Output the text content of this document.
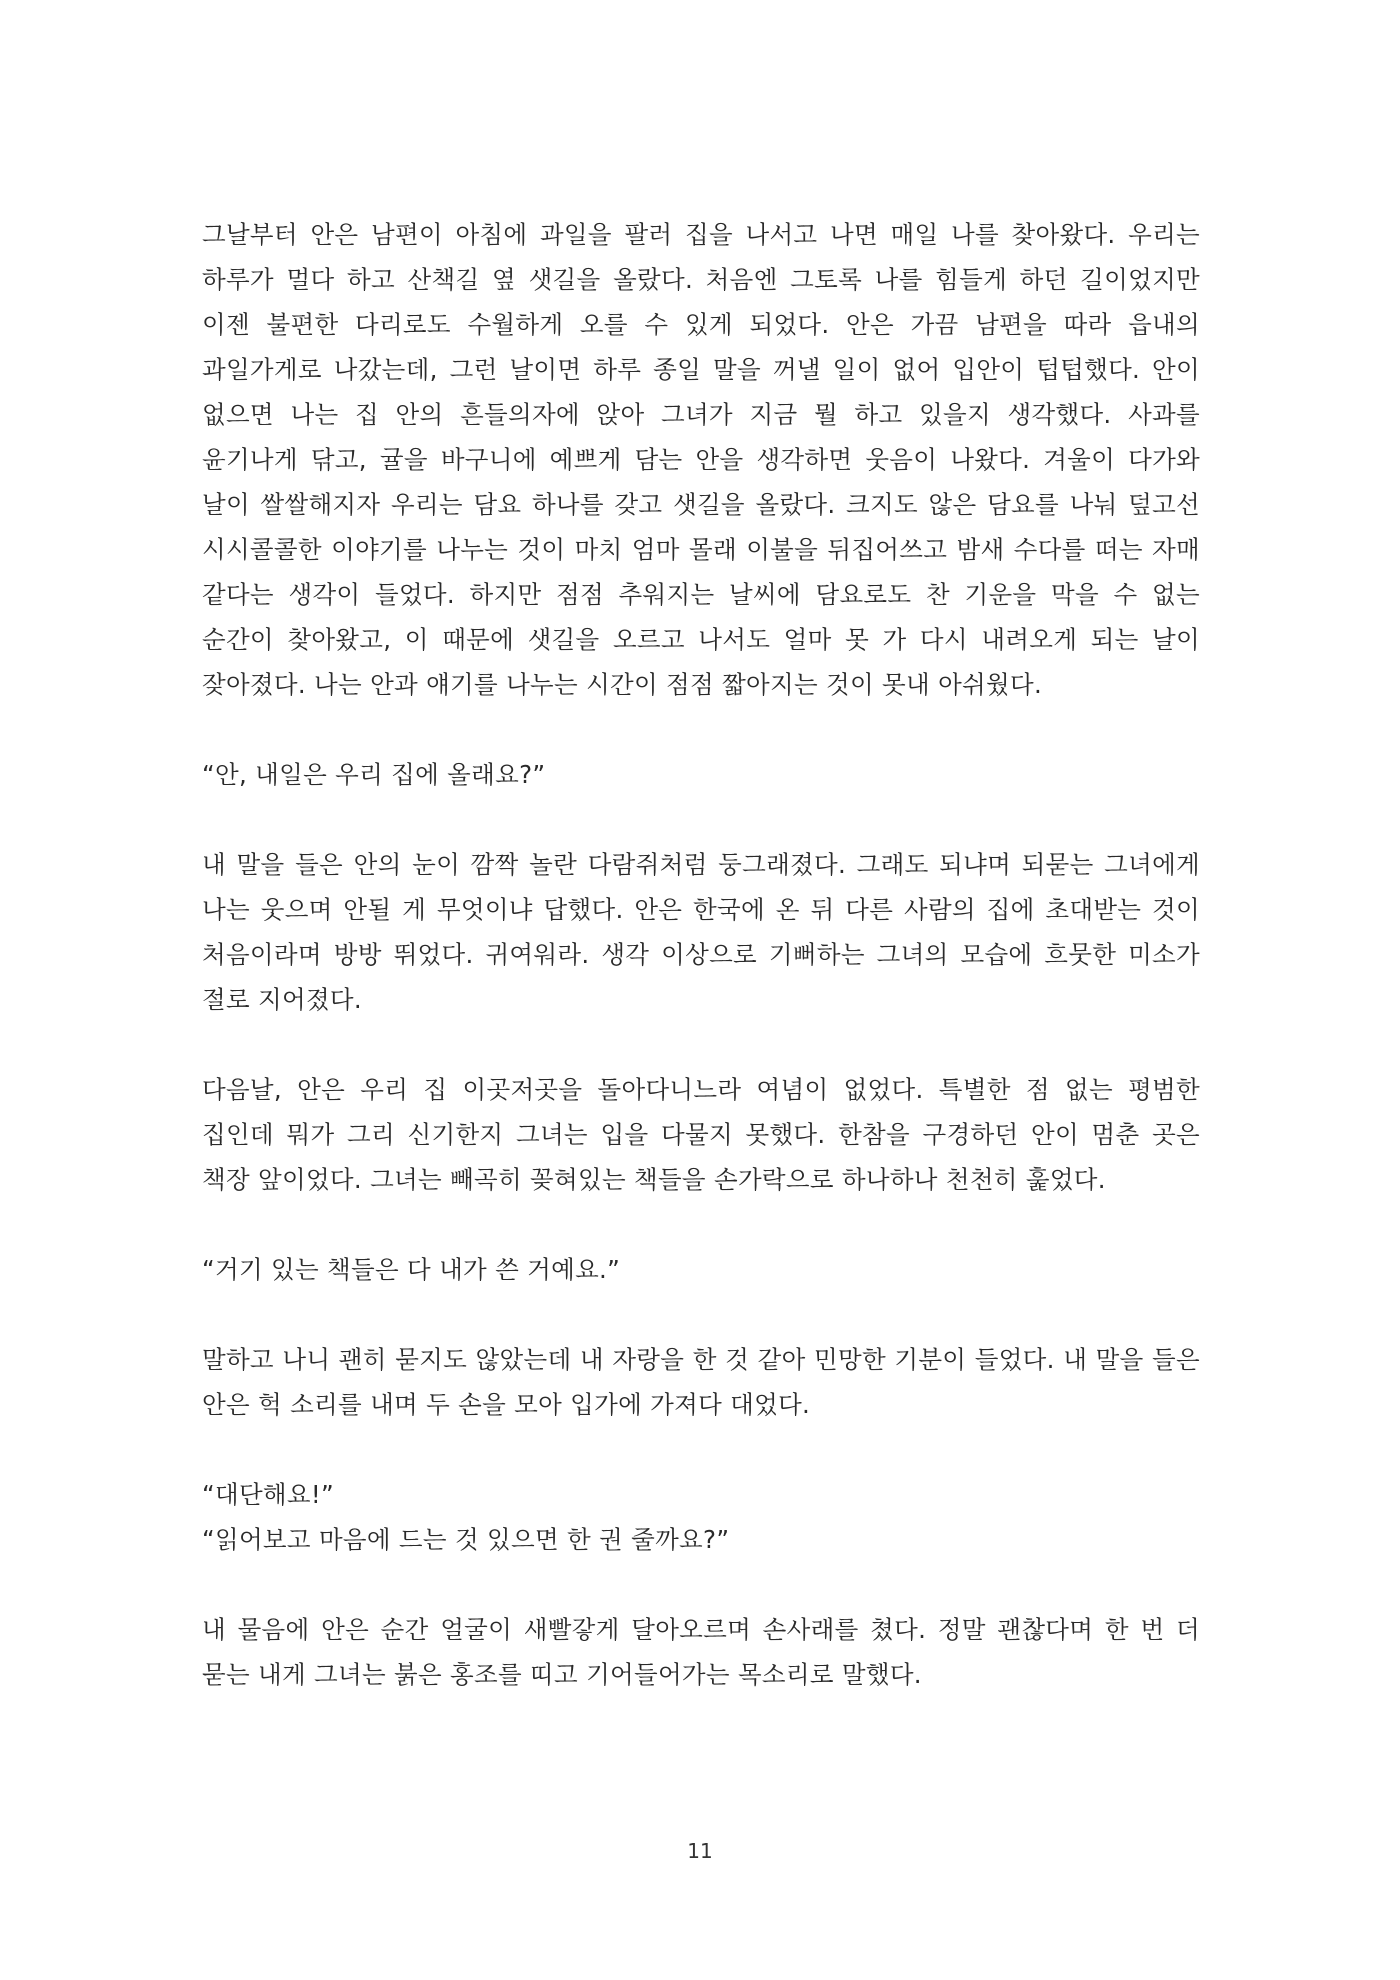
그날부터 안은 남편이 아침에 과일을 팔러 집을 나서고 나면 매일 나를 찾아왔다. 우리는 하루가 멀다 하고 산책길 옆 샛길을 올랐다. 처음엔 그토록 나를 힘들게 하던 길이었지만 이젠 불편한 다리로도 수월하게 오를 수 있게 되었다. 안은 가끔 남편을 따라 읍내의 과일가게로 나갔는데, 그런 날이면 하루 종일 말을 꺼낼 일이 없어 입안이 텁텁했다. 안이 없으면 나는 집 안의 흔들의자에 앉아 그녀가 지금 뭘 하고 있을지 생각했다. 사과를 윤기나게 닦고, 귤을 바구니에 예쁘게 담는 안을 생각하면 웃음이 나왔다. 겨울이 다가와 날이 쌀쌀해지자 우리는 담요 하나를 갖고 샛길을 올랐다. 크지도 않은 담요를 나눠 덮고선 시시콜콜한 이야기를 나누는 것이 마치 엄마 몰래 이불을 뒤집어쓰고 밤새 수다를 떠는 자매 같다는 생각이 들었다. 하지만 점점 추워지는 날씨에 담요로도 찬 기운을 막을 수 없는 순간이 찾아왔고, 이 때문에 샛길을 오르고 나서도 얼마 못 가 다시 내려오게 되는 날이 잦아졌다. 나는 안과 얘기를 나누는 시간이 점점 짧아지는 것이 못내 아쉬웠다.

“안, 내일은 우리 집에 올래요?”

내 말을 들은 안의 눈이 깜짝 놀란 다람쥐처럼 둥그래졌다. 그래도 되냐며 되묻는 그녀에게 나는 웃으며 안될 게 무엇이냐 답했다. 안은 한국에 온 뒤 다른 사람의 집에 초대받는 것이 처음이라며 방방 뛰었다. 귀여워라. 생각 이상으로 기뻐하는 그녀의 모습에 흐뭇한 미소가 절로 지어졌다.

다음날, 안은 우리 집 이곳저곳을 돌아다니느라 여념이 없었다. 특별한 점 없는 평범한 집인데 뭐가 그리 신기한지 그녀는 입을 다물지 못했다. 한참을 구경하던 안이 멈춘 곳은 책장 앞이었다. 그녀는 빼곡히 꽂혀있는 책들을 손가락으로 하나하나 천천히 훑었다.

“거기 있는 책들은 다 내가 쓴 거예요.”

말하고 나니 괜히 묻지도 않았는데 내 자랑을 한 것 같아 민망한 기분이 들었다. 내 말을 들은 안은 헉 소리를 내며 두 손을 모아 입가에 가져다 대었다.

“대단해요!”

“읽어보고 마음에 드는 것 있으면 한 권 줄까요?”

내 물음에 안은 순간 얼굴이 새빨갛게 달아오르며 손사래를 쳤다. 정말 괜찮다며 한 번 더 묻는 내게 그녀는 붉은 홍조를 띠고 기어들어가는 목소리로 말했다.

11
